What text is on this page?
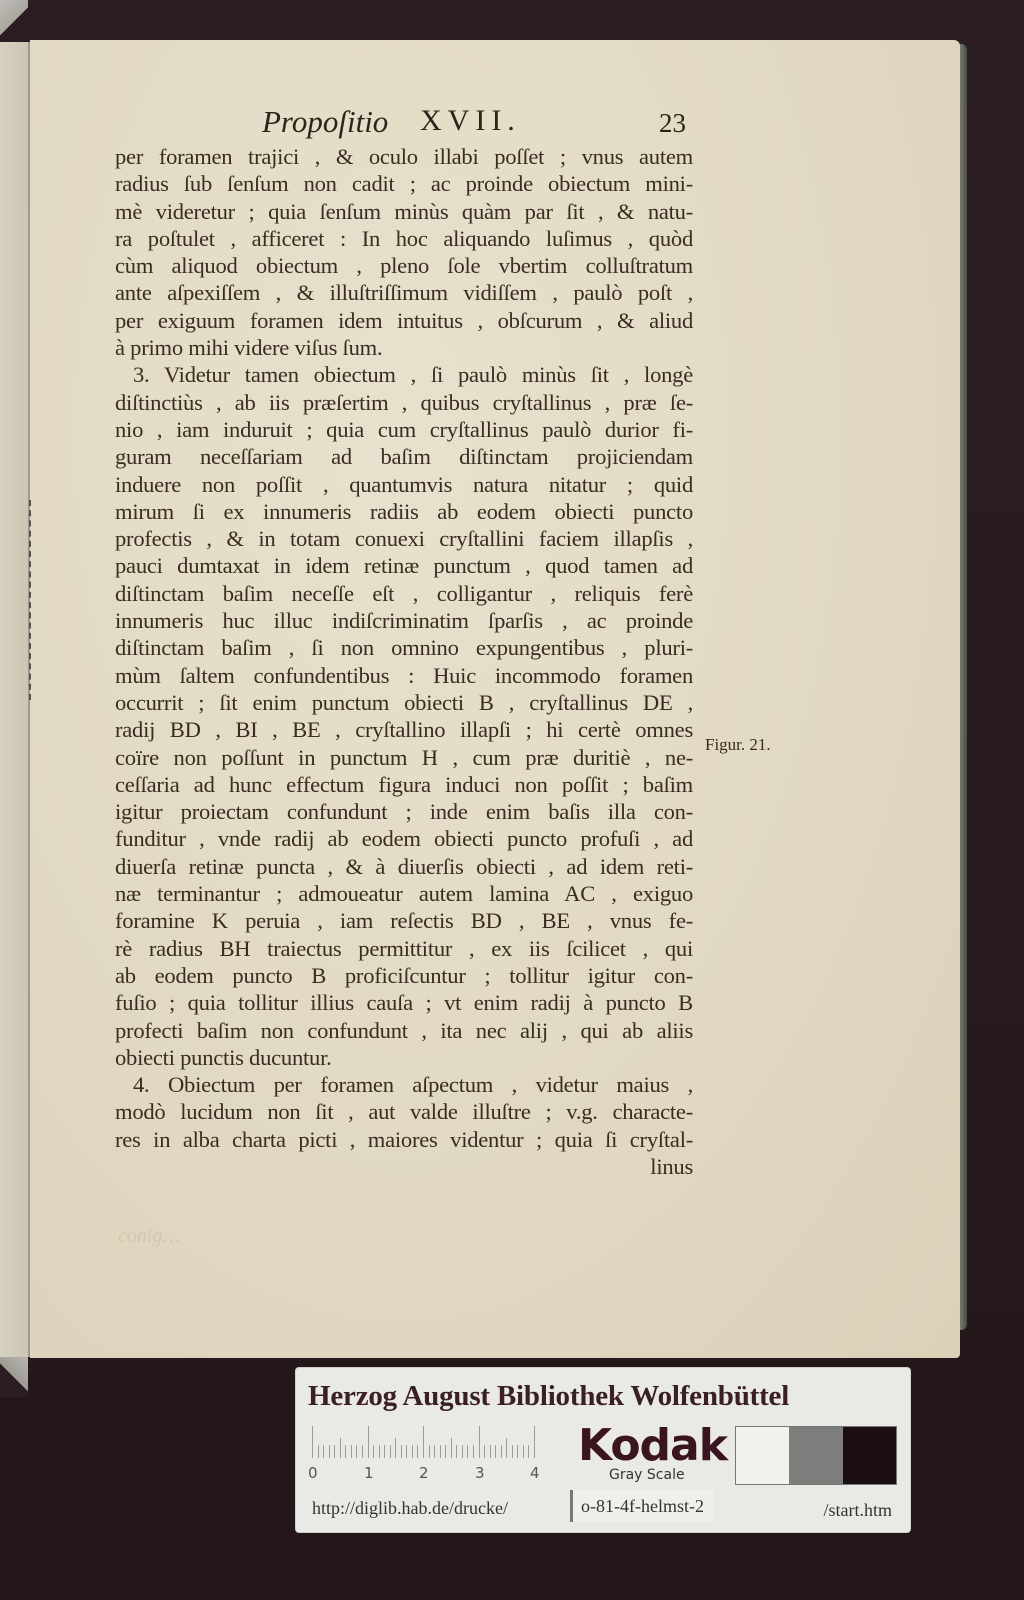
Propoſitio XVII.	23
per foramen trajici , & oculo illabi poſſet ; vnus autem
radius ſub ſenſum non cadit ; ac proinde obiectum mini-
mè videretur ; quia ſenſum minùs quàm par ſit , & natu-
ra poſtulet , afficeret : In hoc aliquando luſimus , quòd
cùm aliquod obiectum , pleno ſole vbertim colluſtratum
ante aſpexiſſem , & illuſtriſſimum vidiſſem , paulò poſt ,
per exiguum foramen idem intuitus , obſcurum , & aliud
à primo mihi videre viſus ſum.
3. Videtur tamen obiectum , ſi paulò minùs ſit , longè
diſtinctiùs , ab iis præſertim , quibus cryſtallinus , præ ſe-
nio , iam induruit ; quia cum cryſtallinus paulò durior fi-
guram neceſſariam ad baſim diſtinctam projiciendam
induere non poſſit , quantumvis natura nitatur ; quid
mirum ſi ex innumeris radiis ab eodem obiecti puncto
profectis , & in totam conuexi cryſtallini faciem illapſis ,
pauci dumtaxat in idem retinæ punctum , quod tamen ad
diſtinctam baſim neceſſe eſt , colligantur , reliquis ferè
innumeris huc illuc indiſcriminatim ſparſis , ac proinde
diſtinctam baſim , ſi non omnino expungentibus , pluri-
mùm ſaltem confundentibus : Huic incommodo foramen
occurrit ; ſit enim punctum obiecti B , cryſtallinus DE ,
radij BD , BI , BE , cryſtallino illapſi ; hi certè omnes
coïre non poſſunt in punctum H , cum præ duritiè , ne-
ceſſaria ad hunc effectum figura induci non poſſit ; baſim
igitur proiectam confundunt ; inde enim baſis illa con-
funditur , vnde radij ab eodem obiecti puncto profuſi , ad
diuerſa retinæ puncta , & à diuerſis obiecti , ad idem reti-
næ terminantur ; admoueatur autem lamina AC , exiguo
foramine K peruia , iam reſectis BD , BE , vnus fe-
rè radius BH traiectus permittitur , ex iis ſcilicet , qui
ab eodem puncto B proficiſcuntur ; tollitur igitur con-
fuſio ; quia tollitur illius cauſa ; vt enim radij à puncto B
profecti baſim non confundunt , ita nec alij , qui ab aliis
obiecti punctis ducuntur.
4. Obiectum per foramen aſpectum , videtur maius ,
modò lucidum non ſit , aut valde illuſtre ; v.g. characte-
res in alba charta picti , maiores videntur ; quia ſi cryſtal-
linus
Figur. 21.
conig…
Herzog August Bibliothek Wolfenbüttel
0	1	2	3	4
Kodak
Gray Scale
http://diglib.hab.de/drucke/	o-81-4f-helmst-2	/start.htm
